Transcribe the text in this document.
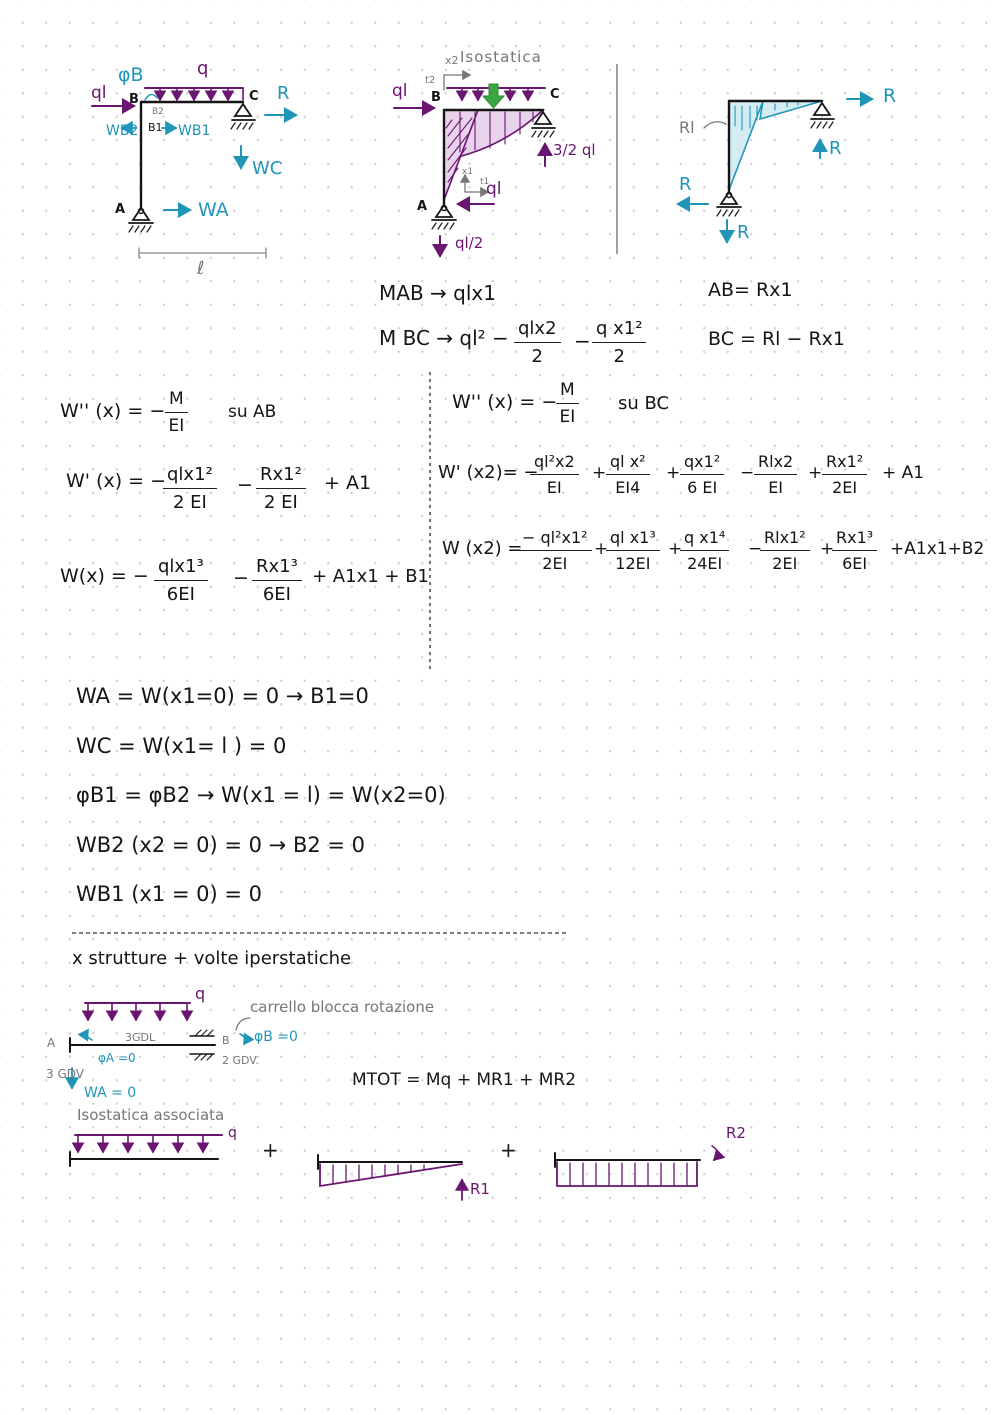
φB	q
ql B	C R
WB2 B1
B2
WB1
WC
A	WA
ℓ
x2 Isostatica
t2
ql B	C
3/2 ql
x1
t1
ql
A
ql/2
R
Rl
R
R
R
MAB → qlx1
M BC → ql² − qlx2
2
− $\frac{\text{q x1²}}{2}$
AB= Rx1
BC = Rl − Rx1
W'' (x) = − $\frac{M}{EI}$ su AB
W' (x) = − qlx1²
2 EI
− $\frac{\text{Rx1²}}{2 EI} + A1$
W(x) = − qlx1³
6EI
− $\frac{\text{Rx1³}}{6EI} + A1x1 + B1$
W'' (x) = −
$\frac{M}{EI}$ su BC
W' (x2)= −
$\frac{\text{ql²x2}}{EI} + \frac{\text{ql x²}}{EI4} + \frac{\text{qx1²}}{6 EI}$ −
Rlx2
EI
+ $\frac{\text{Rx1²}}{2EI} + A1$
W (x2) =
$\frac{\text{− ql²x1²}}{2EI}$ +
$\frac{\text{ql x1³}}{12EI}$ +
$\frac{\text{q x1⁴}}{24EI}$ −
Rlx1²
2EI
+
$\frac{\text{Rx1³}}{6EI} +A1x1+B2$
WA = W(x1=0) = 0 → B1=0
WC = W(x1= l ) = 0
φB1 = φB2 → W(x1 = l) = W(x2=0)
WB2 (x2 = 0) = 0 → B2 = 0
WB1 (x1 = 0) = 0
x strutture + volte iperstatiche
q
carrello blocca rotazione
3GDL
A	B φB =0
φA =0	2 GDV.
3 GDV
WA = 0
MTOT = Mq + MR1 + MR2
Isostatica associata
q
+	+
R1
R2
